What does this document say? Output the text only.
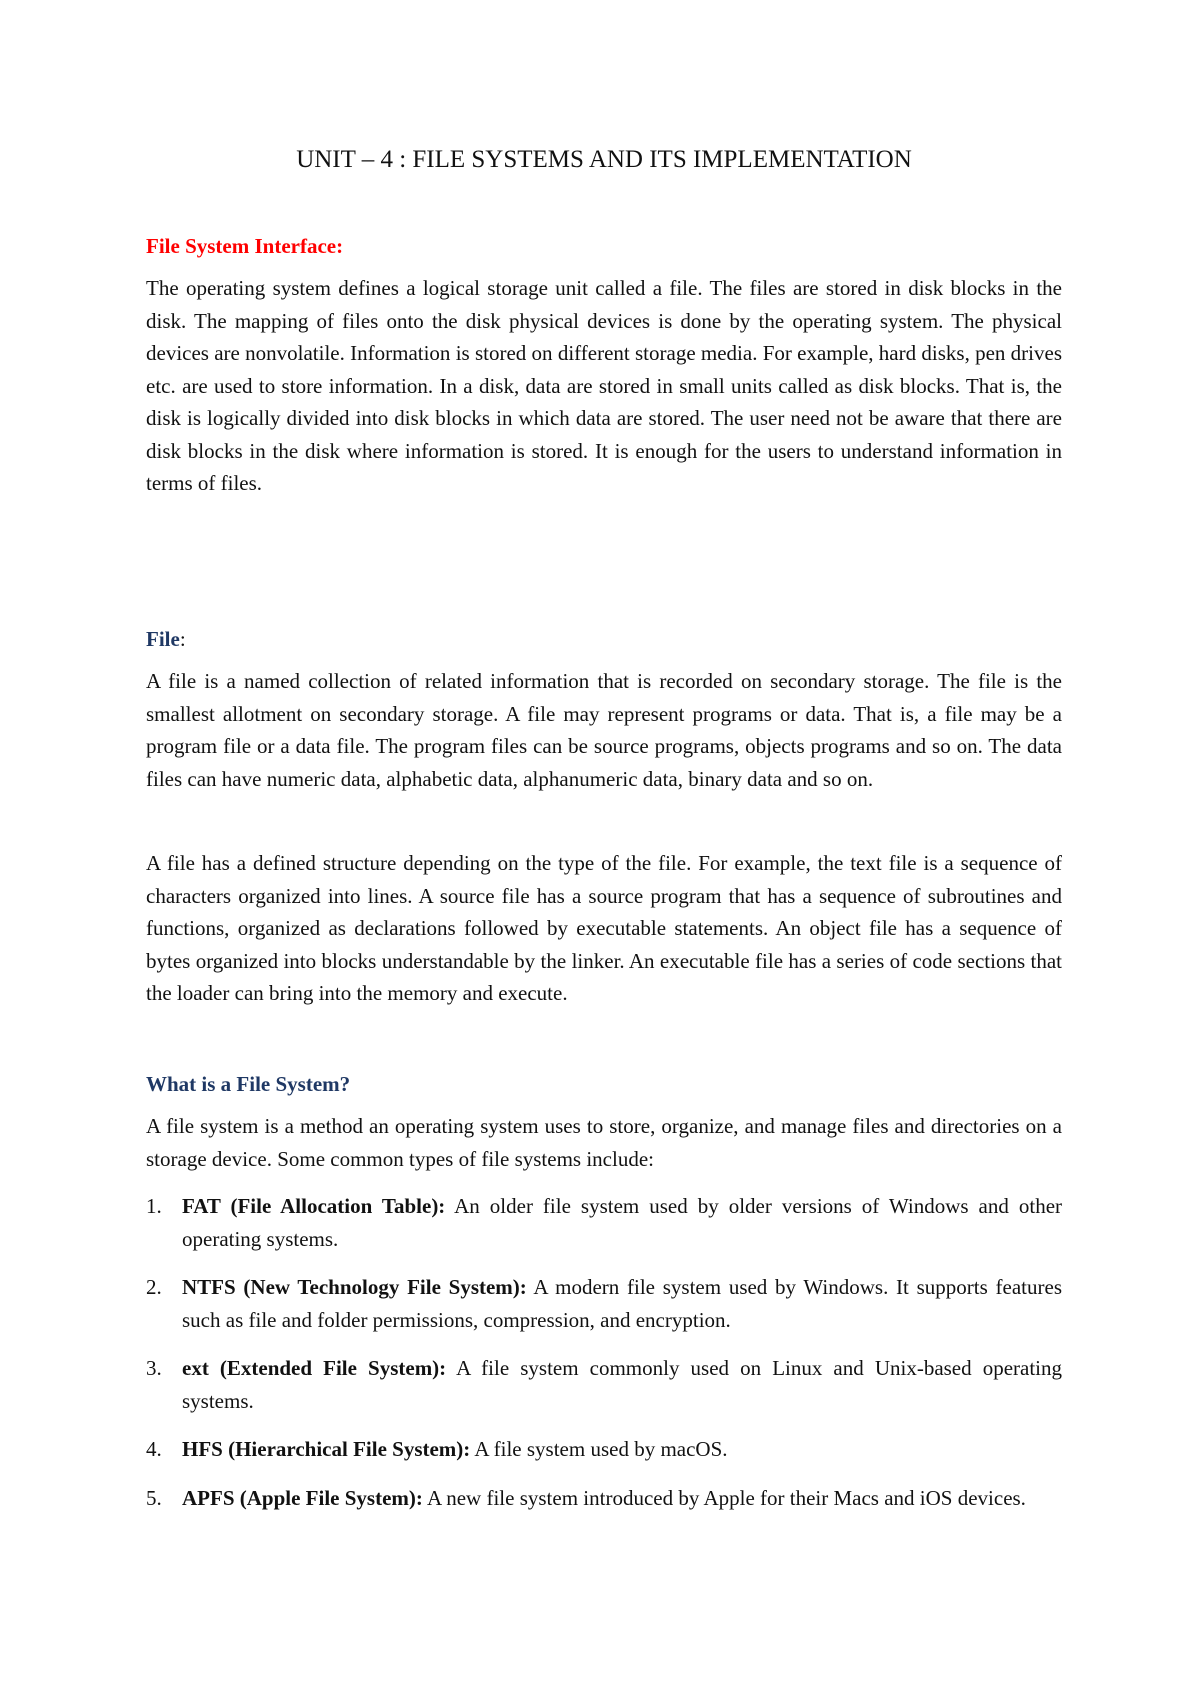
UNIT – 4 : FILE SYSTEMS AND ITS IMPLEMENTATION
File System Interface:

The operating system defines a logical storage unit called a file. The files are stored in disk blocks in the disk. The mapping of files onto the disk physical devices is done by the operating system. The physical devices are nonvolatile. Information is stored on different storage media. For example, hard disks, pen drives etc. are used to store information. In a disk, data are stored in small units called as disk blocks. That is, the disk is logically divided into disk blocks in which data are stored. The user need not be aware that there are disk blocks in the disk where information is stored. It is enough for the users to understand information in terms of files.

File:

A file is a named collection of related information that is recorded on secondary storage. The file is the smallest allotment on secondary storage. A file may represent programs or data. That is, a file may be a program file or a data file. The program files can be source programs, objects programs and so on. The data files can have numeric data, alphabetic data, alphanumeric data, binary data and so on.

A file has a defined structure depending on the type of the file. For example, the text file is a sequence of characters organized into lines. A source file has a source program that has a sequence of subroutines and functions, organized as declarations followed by executable statements. An object file has a sequence of bytes organized into blocks understandable by the linker. An executable file has a series of code sections that the loader can bring into the memory and execute.

What is a File System?

A file system is a method an operating system uses to store, organize, and manage files and directories on a storage device. Some common types of file systems include:

1. FAT (File Allocation Table): An older file system used by older versions of Windows and other operating systems.
2. NTFS (New Technology File System): A modern file system used by Windows. It supports features such as file and folder permissions, compression, and encryption.
3. ext (Extended File System): A file system commonly used on Linux and Unix-based operating systems.
4. HFS (Hierarchical File System): A file system used by macOS.
5. APFS (Apple File System): A new file system introduced by Apple for their Macs and iOS devices.
